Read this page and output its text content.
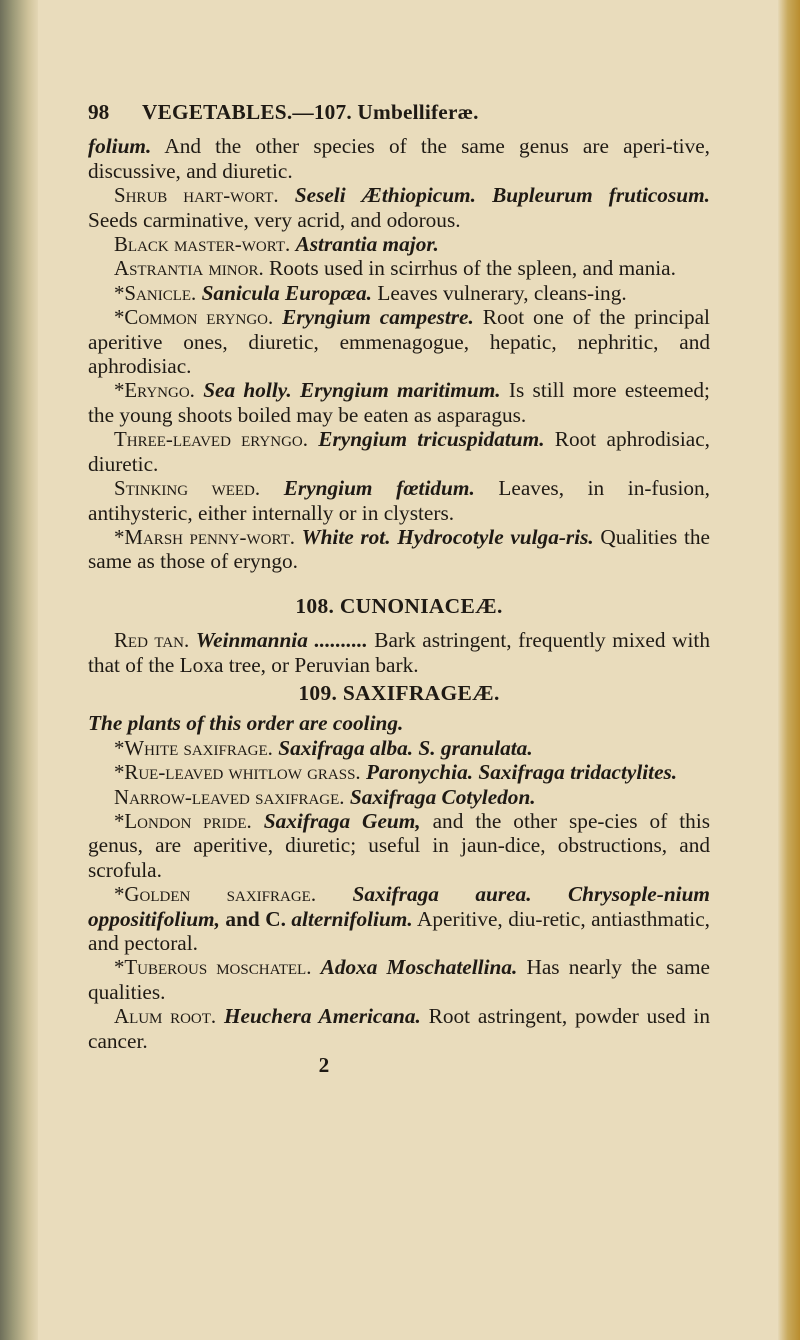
98	VEGETABLES.—107. Umbelliferæ.

folium. And the other species of the same genus are aperi-tive, discussive, and diuretic.

Shrub hart-wort. Seseli Æthiopicum. Bupleurum fruticosum. Seeds carminative, very acrid, and odorous.

Black master-wort. Astrantia major.

Astrantia minor. Roots used in scirrhus of the spleen, and mania.

*Sanicle. Sanicula Europæa. Leaves vulnerary, cleans-ing.

*Common eryngo. Eryngium campestre. Root one of the principal aperitive ones, diuretic, emmenagogue, hepatic, nephritic, and aphrodisiac.

*Eryngo. Sea holly. Eryngium maritimum. Is still more esteemed; the young shoots boiled may be eaten as asparagus.

Three-leaved eryngo. Eryngium tricuspidatum. Root aphrodisiac, diuretic.

Stinking weed. Eryngium fœtidum. Leaves, in in-fusion, antihysteric, either internally or in clysters.

*Marsh penny-wort. White rot. Hydrocotyle vulga-ris. Qualities the same as those of eryngo.

108. CUNONIACEÆ.

Red tan. Weinmannia .......... Bark astringent, frequently mixed with that of the Loxa tree, or Peruvian bark.

109. SAXIFRAGEÆ.

The plants of this order are cooling.

*White saxifrage. Saxifraga alba. S. granulata.

*Rue-leaved whitlow grass. Paronychia. Saxifraga tridactylites.

Narrow-leaved saxifrage. Saxifraga Cotyledon.

*London pride. Saxifraga Geum, and the other spe-cies of this genus, are aperitive, diuretic; useful in jaun-dice, obstructions, and scrofula.

*Golden saxifrage. Saxifraga aurea. Chrysople-nium oppositifolium, and C. alternifolium. Aperitive, diu-retic, antiasthmatic, and pectoral.

*Tuberous moschatel. Adoxa Moschatellina. Has nearly the same qualities.

Alum root. Heuchera Americana. Root astringent, powder used in cancer.

2
